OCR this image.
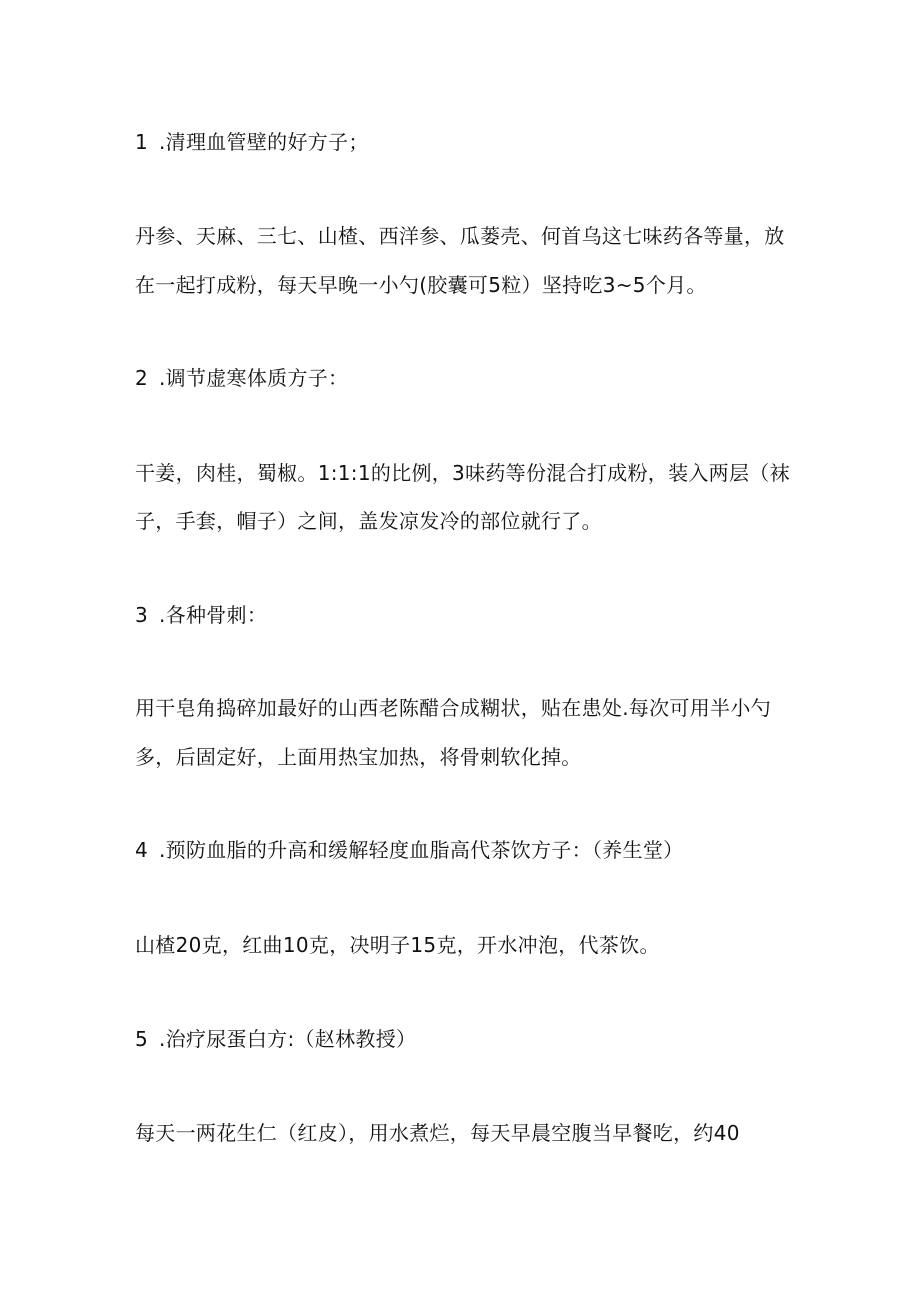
1 .清理血管壁的好方子；
丹参、天麻、三七、山楂、西洋参、瓜蒌壳、何首乌这七味药各等量，放
在一起打成粉，每天早晚一小勺(胶囊可5粒）坚持吃3~5个月。
2 .调节虚寒体质方子：
干姜，肉桂，蜀椒。1:1:1的比例，3味药等份混合打成粉，装入两层（袜
子，手套，帽子）之间，盖发凉发冷的部位就行了。
3 .各种骨刺：
用干皂角捣碎加最好的山西老陈醋合成糊状，贴在患处.每次可用半小勺
多，后固定好，上面用热宝加热，将骨刺软化掉。
4 .预防血脂的升高和缓解轻度血脂高代茶饮方子：（养生堂）
山楂20克，红曲10克，决明子15克，开水冲泡，代茶饮。
5 .治疗尿蛋白方:（赵林教授）
每天一两花生仁（红皮），用水煮烂，每天早晨空腹当早餐吃，约40
